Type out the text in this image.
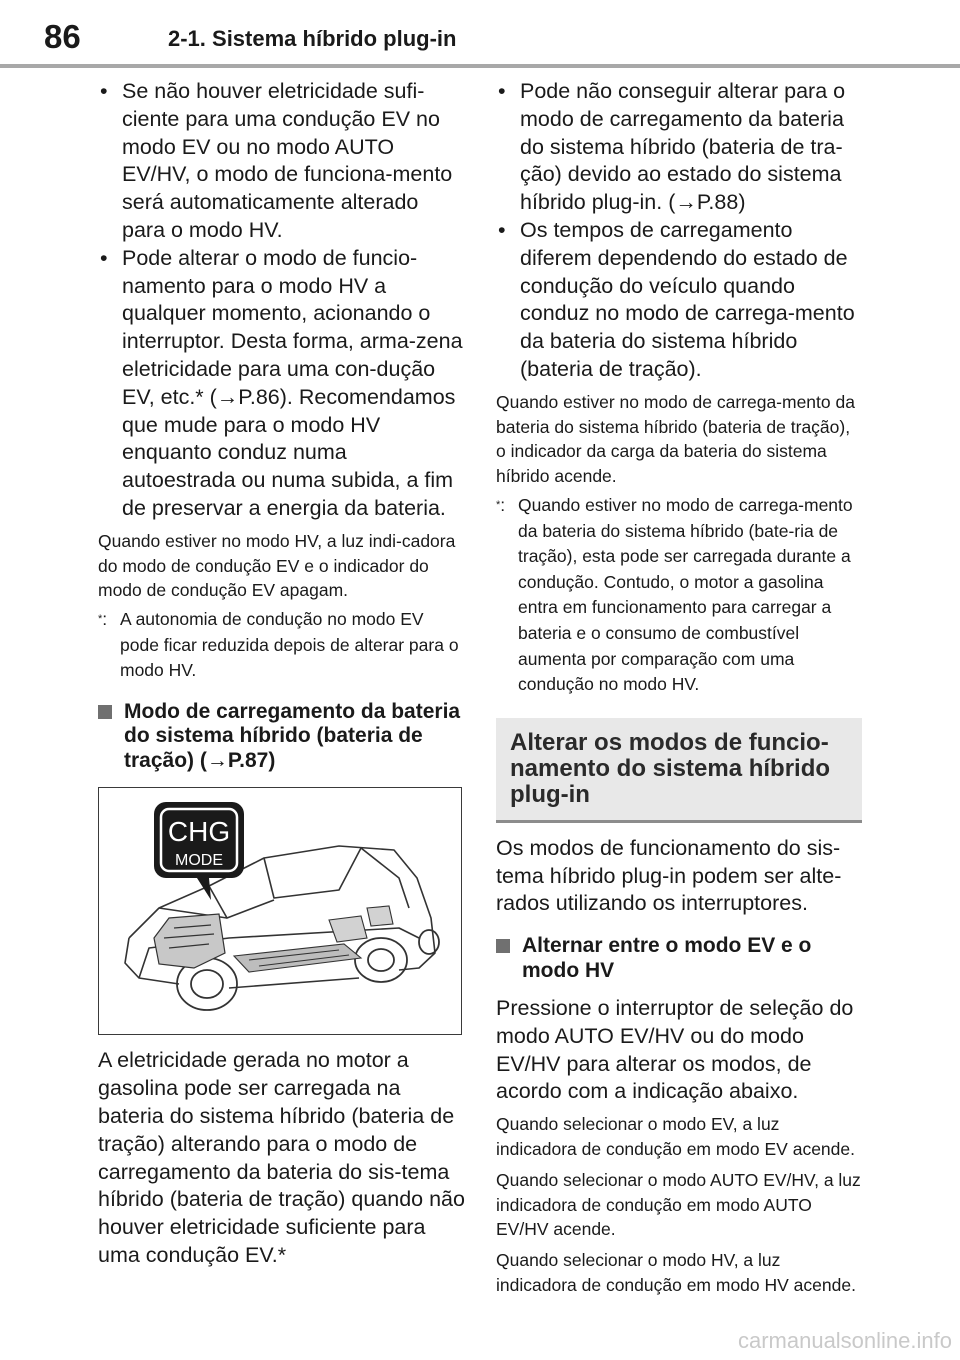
86	2-1. Sistema híbrido plug-in
• Se não houver eletricidade sufi-ciente para uma condução EV no modo EV ou no modo AUTO EV/HV, o modo de funciona-mento será automaticamente alterado para o modo HV.
• Pode alterar o modo de funcio-namento para o modo HV a qualquer momento, acionando o interruptor. Desta forma, arma-zena eletricidade para uma con-dução EV, etc.* (→P.86). Recomendamos que mude para o modo HV enquanto conduz numa autoestrada ou numa subida, a fim de preservar a energia da bateria.

Quando estiver no modo HV, a luz indi-cadora do modo de condução EV e o indicador do modo de condução EV apagam.

*: A autonomia de condução no modo EV pode ficar reduzida depois de alterar para o modo HV.
Modo de carregamento da bateria do sistema híbrido (bateria de tração) (→P.87)
CHG
MODE

A eletricidade gerada no motor a gasolina pode ser carregada na bateria do sistema híbrido (bateria de tração) alterando para o modo de carregamento da bateria do sis-tema híbrido (bateria de tração) quando não houver eletricidade suficiente para uma condução EV.*

• Pode não conseguir alterar para o modo de carregamento da bateria do sistema híbrido (bateria de tra-ção) devido ao estado do sistema híbrido plug-in. (→P.88)
• Os tempos de carregamento diferem dependendo do estado de condução do veículo quando conduz no modo de carrega-mento da bateria do sistema híbrido (bateria de tração).

Quando estiver no modo de carrega-mento da bateria do sistema híbrido (bateria de tração), o indicador da carga da bateria do sistema híbrido acende.

*: Quando estiver no modo de carrega-mento da bateria do sistema híbrido (bate-ria de tração), esta pode ser carregada durante a condução. Contudo, o motor a gasolina entra em funcionamento para carregar a bateria e o consumo de combustível aumenta por comparação com uma condução no modo HV.
Alterar os modos de funcio-namento do sistema híbrido plug-in

Os modos de funcionamento do sis-tema híbrido plug-in podem ser alte-rados utilizando os interruptores.

Alternar entre o modo EV e o modo HV

Pressione o interruptor de seleção do modo AUTO EV/HV ou do modo EV/HV para alterar os modos, de acordo com a indicação abaixo.

Quando selecionar o modo EV, a luz indicadora de condução em modo EV acende.

Quando selecionar o modo AUTO EV/HV, a luz indicadora de condução em modo AUTO EV/HV acende.

Quando selecionar o modo HV, a luz indicadora de condução em modo HV acende.

carmanualsonline.info
